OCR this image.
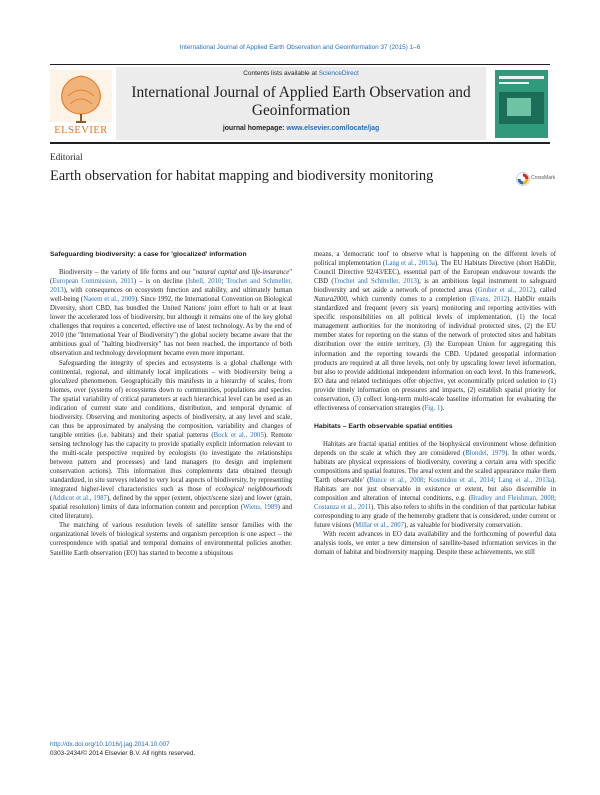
International Journal of Applied Earth Observation and Geoinformation 37 (2015) 1–6
ELSEVIER
Contents lists available at ScienceDirect
International Journal of Applied Earth Observation and Geoinformation
journal homepage: www.elsevier.com/locate/jag
Editorial
Earth observation for habitat mapping and biodiversity monitoring	CrossMark
Safeguarding biodiversity: a case for 'glocalized' information

Biodiversity – the variety of life forms and our "natural capital and life-insurance" (European Commission, 2011) – is on decline (Isbell, 2010; Trochet and Schmeller, 2013), with consequences on ecosystem function and stability, and ultimately human well-being (Naeem et al., 2009). Since 1992, the International Convention on Biological Diversity, short CBD, has bundled the United Nations' joint effort to halt or at least lower the accelerated loss of biodiversity, but although it remains one of the key global challenges that requires a concerted, effective use of latest technology. As by the end of 2010 (the "International Year of Biodiversity") the global society became aware that the ambitious goal of "halting biodiversity" has not been reached, the importance of both observation and technology development became even more important.

Safeguarding the integrity of species and ecosystems is a global challenge with continental, regional, and ultimately local implications – with biodiversity being a glocalized phenomenon. Geographically this manifests in a hierarchy of scales, from biomes, over (systems of) ecosystems down to communities, populations and species. The spatial variability of critical parameters at each hierarchical level can be used as an indication of current state and conditions, distribution, and temporal dynamic of biodiversity. Observing and monitoring aspects of biodiversity, at any level and scale, can thus be approximated by analysing the composition, variability and changes of tangible entities (i.e. habitats) and their spatial patterns (Bock et al., 2005). Remote sensing technology has the capacity to provide spatially explicit information relevant to the multi-scale perspective required by ecologists (to investigate the relationships between pattern and processes) and land managers (to design and implement conservation actions). This information thus complements data obtained through standardized, in situ surveys related to very local aspects of biodiversity, by representing integrated higher-level characteristics such as those of ecological neighbourhoods (Addicot et al., 1987), defined by the upper (extent, object/scene size) and lower (grain, spatial resolution) limits of data information content and perception (Wiens, 1989) and cited literature).

The matching of various resolution levels of satellite sensor families with the organizational levels of biological systems and organism perception is one aspect – the correspondence with spatial and temporal domains of environmental policies another. Satellite Earth observation (EO) has started to become a ubiquitous

means, a 'democratic tool' to observe what is happening on the different levels of political implementation (Lang et al., 2013a). The EU Habitats Directive (short HabDir, Council Directive 92/43/EEC), essential part of the European endeavour towards the CBD (Trochet and Schmeller, 2013), is an ambitious legal instrument to safeguard biodiversity and set aside a network of protected areas (Gruber et al., 2012), called Natura2000, which currently comes to a completion (Evans, 2012). HabDir entails standardized and frequent (every six years) monitoring and reporting activities with specific responsibilities on all political levels of implementation, (1) the local management authorities for the monitoring of individual protected sites, (2) the EU member states for reporting on the status of the network of protected sites and habitats distribution over the entire territory, (3) the European Union for aggregating this information and the reporting towards the CBD. Updated geospatial information products are required at all three levels, not only by upscaling lower level information, but also to provide additional independent information on each level. In this framework, EO data and related techniques offer objective, yet economically priced solution to (1) provide timely information on pressures and impacts, (2) establish spatial priority for conservation, (3) collect long-term multi-scale baseline information for evaluating the effectiveness of conservation strategies (Fig. 1).

Habitats – Earth observable spatial entities

Habitats are fractal spatial entities of the biophysical environment whose definition depends on the scale at which they are considered (Blondel, 1979). In other words, habitats are physical expressions of biodiversity, covering a certain area with specific compositions and spatial features. The areal extent and the scaled appearance make them 'Earth observable' (Bunce et al., 2008; Kosmidou et al., 2014; Lang et al., 2013a). Habitats are not just observable in existence or extent, but also discernible in composition and alteration of internal conditions, e.g. (Bradley and Fleishman, 2008; Costanza et al., 2011). This also refers to shifts in the condition of that particular habitat corresponding to any grade of the hemeroby gradient that is considered, under current or future visions (Millar et al., 2007), as valuable for biodiversity conservation.

With recent advances in EO data availability and the forthcoming of powerful data analysis tools, we enter a new dimension of satellite-based information services in the domain of habitat and biodiversity mapping. Despite these achievements, we still

http://dx.doi.org/10.1016/j.jag.2014.10.007
0303-2434/© 2014 Elsevier B.V. All rights reserved.
